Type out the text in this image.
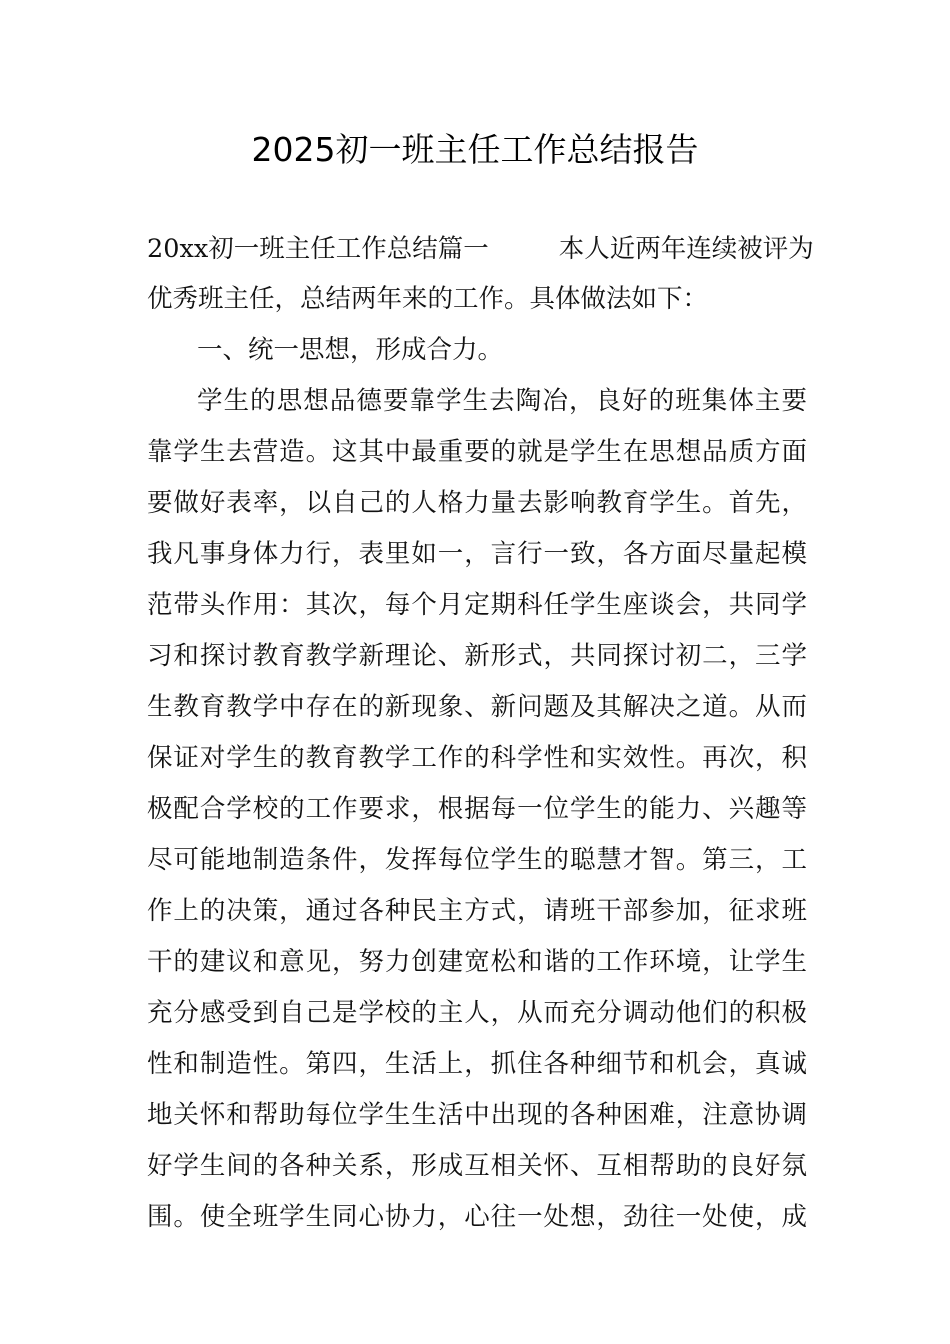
2025初一班主任工作总结报告

20xx初一班主任工作总结篇一	本人近两年连续被评为

优秀班主任，总结两年来的工作。具体做法如下：

一、统一思想，形成合力。

学生的思想品德要靠学生去陶冶，良好的班集体主要

靠学生去营造。这其中最重要的就是学生在思想品质方面

要做好表率，以自己的人格力量去影响教育学生。首先，

我凡事身体力行，表里如一，言行一致，各方面尽量起模

范带头作用：其次，每个月定期科任学生座谈会，共同学

习和探讨教育教学新理论、新形式，共同探讨初二，三学

生教育教学中存在的新现象、新问题及其解决之道。从而

保证对学生的教育教学工作的科学性和实效性。再次，积

极配合学校的工作要求，根据每一位学生的能力、兴趣等

尽可能地制造条件，发挥每位学生的聪慧才智。第三，工

作上的决策，通过各种民主方式，请班干部参加，征求班

干的建议和意见，努力创建宽松和谐的工作环境，让学生

充分感受到自己是学校的主人，从而充分调动他们的积极

性和制造性。第四，生活上，抓住各种细节和机会，真诚

地关怀和帮助每位学生生活中出现的各种困难，注意协调

好学生间的各种关系，形成互相关怀、互相帮助的良好氛

围。使全班学生同心协力，心往一处想，劲往一处使，成
